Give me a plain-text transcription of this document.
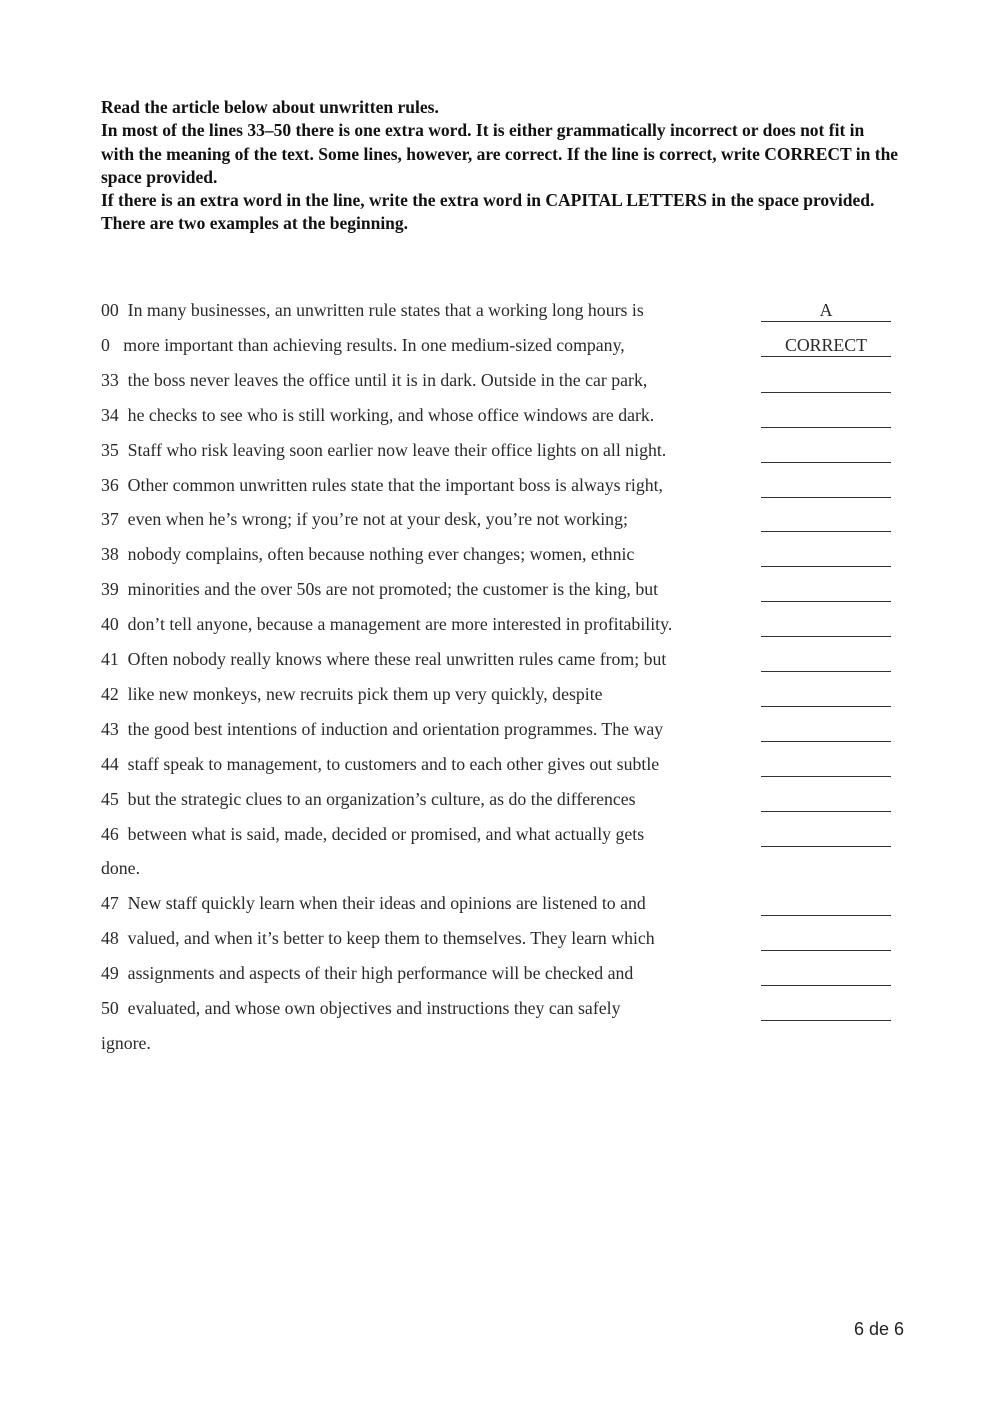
Read the article below about unwritten rules.

In most of the lines 33–50 there is one extra word. It is either grammatically incorrect or does not fit in with the meaning of the text. Some lines, however, are correct. If the line is correct, write CORRECT in the space provided.

If there is an extra word in the line, write the extra word in CAPITAL LETTERS in the space provided.

There are two examples at the beginning.

00 In many businesses, an unwritten rule states that a working long hours is	A
0 more important than achieving results. In one medium-sized company,	CORRECT
33 the boss never leaves the office until it is in dark. Outside in the car park,
34 he checks to see who is still working, and whose office windows are dark.
35 Staff who risk leaving soon earlier now leave their office lights on all night.
36 Other common unwritten rules state that the important boss is always right,
37 even when he’s wrong; if you’re not at your desk, you’re not working;
38 nobody complains, often because nothing ever changes; women, ethnic
39 minorities and the over 50s are not promoted; the customer is the king, but
40 don’t tell anyone, because a management are more interested in profitability.
41 Often nobody really knows where these real unwritten rules came from; but
42 like new monkeys, new recruits pick them up very quickly, despite
43 the good best intentions of induction and orientation programmes. The way
44 staff speak to management, to customers and to each other gives out subtle
45 but the strategic clues to an organization’s culture, as do the differences
46 between what is said, made, decided or promised, and what actually gets
done.
47 New staff quickly learn when their ideas and opinions are listened to and
48 valued, and when it’s better to keep them to themselves. They learn which
49 assignments and aspects of their high performance will be checked and
50 evaluated, and whose own objectives and instructions they can safely
ignore.
6 de 6
